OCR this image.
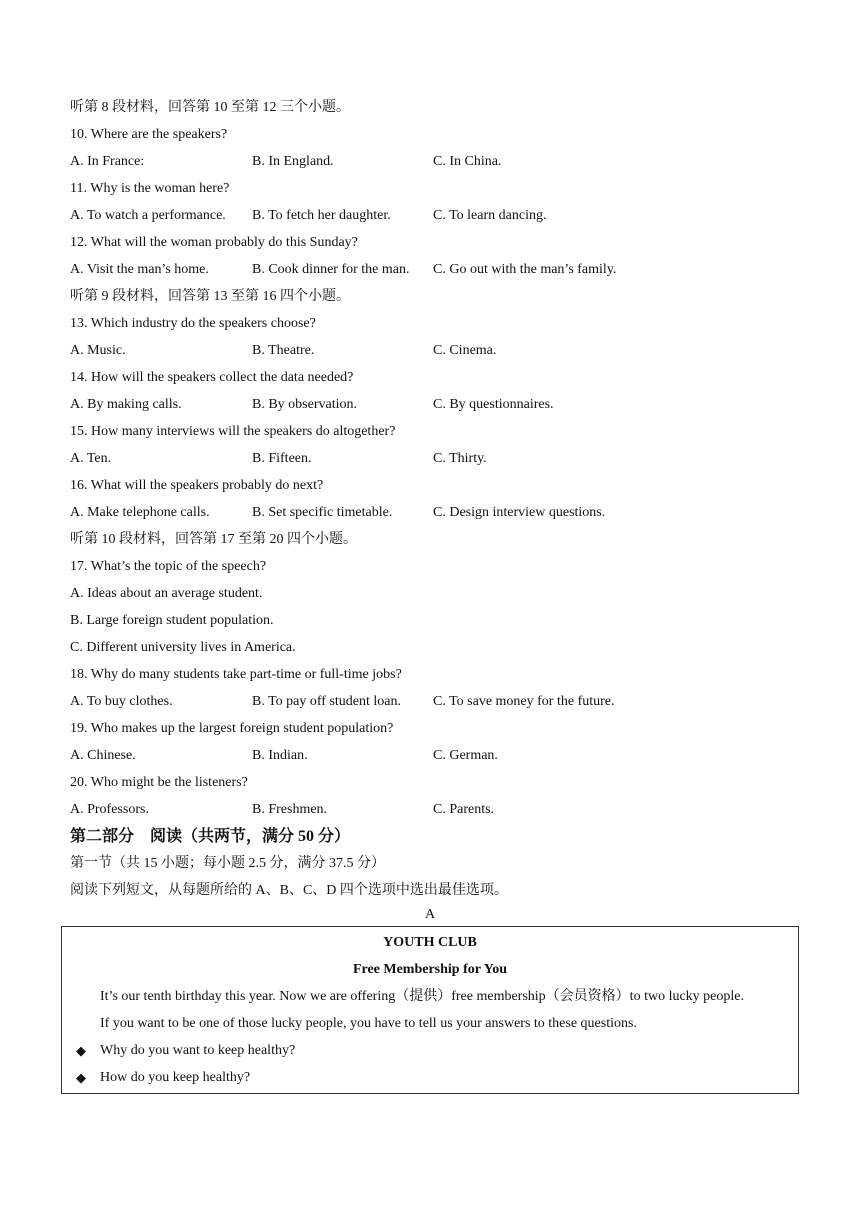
听第 8 段材料，回答第 10 至第 12 三个小题。
10. Where are the speakers?
A. In France:	B. In England.	C. In China.
11. Why is the woman here?
A. To watch a performance.	B. To fetch her daughter.	C. To learn dancing.
12. What will the woman probably do this Sunday?
A. Visit the man’s home.	B. Cook dinner for the man.	C. Go out with the man’s family.
听第 9 段材料，回答第 13 至第 16 四个小题。
13. Which industry do the speakers choose?
A. Music.	B. Theatre.	C. Cinema.
14. How will the speakers collect the data needed?
A. By making calls.	B. By observation.	C. By questionnaires.
15. How many interviews will the speakers do altogether?
A. Ten.	B. Fifteen.	C. Thirty.
16. What will the speakers probably do next?
A. Make telephone calls.	B. Set specific timetable.	C. Design interview questions.
听第 10 段材料，回答第 17 至第 20 四个小题。
17. What’s the topic of the speech?
A. Ideas about an average student.
B. Large foreign student population.
C. Different university lives in America.
18. Why do many students take part-time or full-time jobs?
A. To buy clothes.	B. To pay off student loan.	C. To save money for the future.
19. Who makes up the largest foreign student population?
A. Chinese.	B. Indian.	C. German.
20. Who might be the listeners?
A. Professors.	B. Freshmen.	C. Parents.
第二部分　阅读（共两节，满分 50 分）
第一节（共 15 小题；每小题 2.5 分，满分 37.5 分）
阅读下列短文，从每题所给的 A、B、C、D 四个选项中选出最佳选项。
A
YOUTH CLUB
Free Membership for You
It’s our tenth birthday this year. Now we are offering（提供）free membership（会员资格）to two lucky people.
If you want to be one of those lucky people, you have to tell us your answers to these questions.
◆	Why do you want to keep healthy?
◆	How do you keep healthy?
